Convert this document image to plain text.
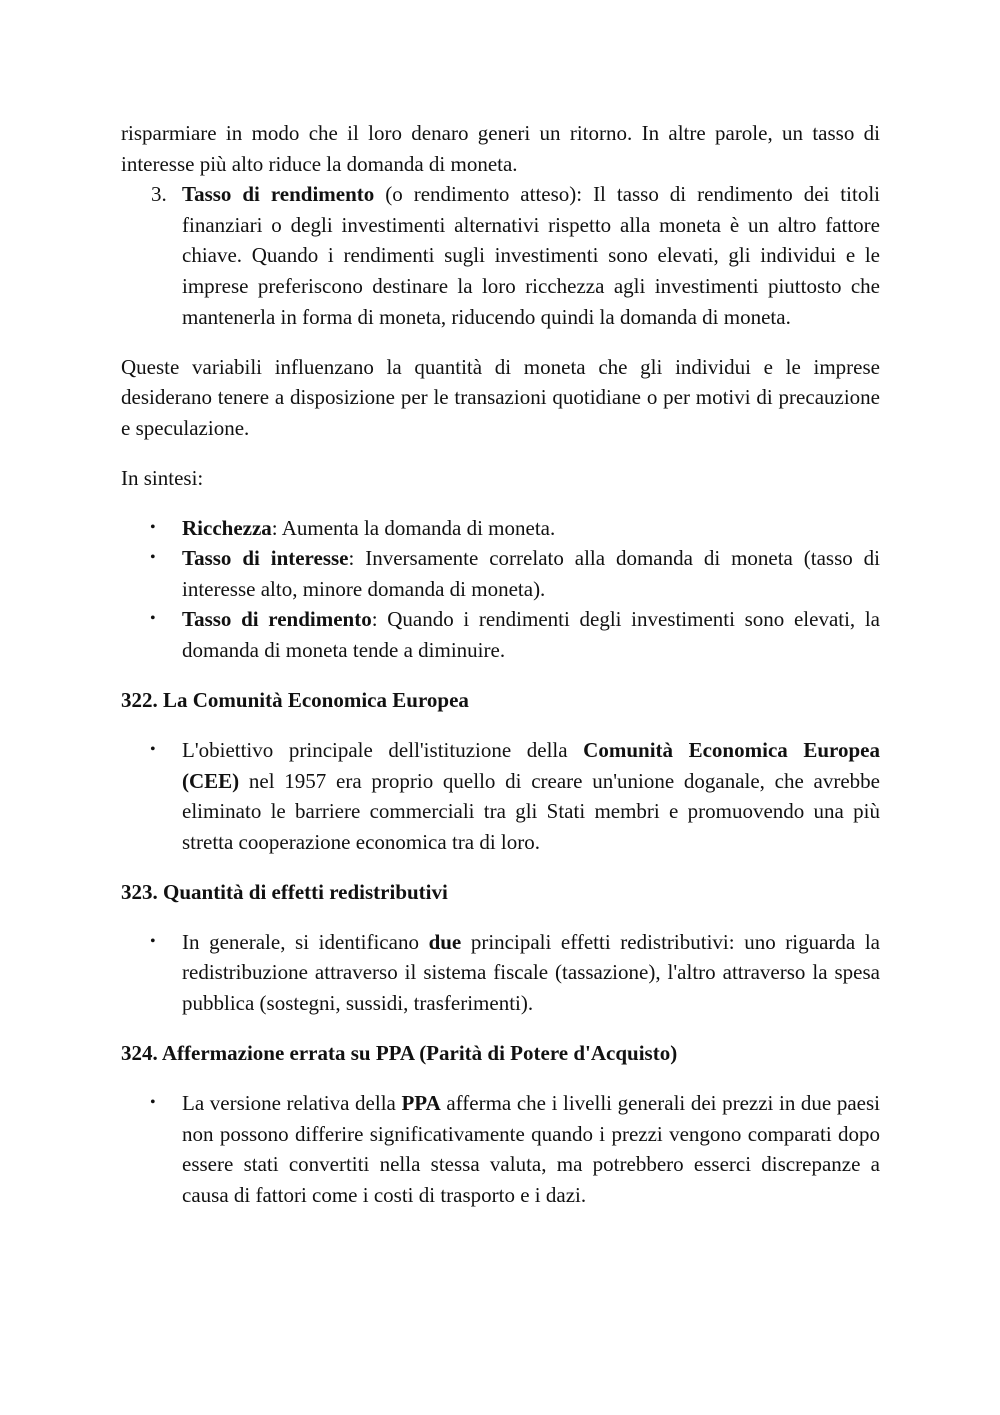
risparmiare in modo che il loro denaro generi un ritorno. In altre parole, un tasso di interesse più alto riduce la domanda di moneta.

3. Tasso di rendimento (o rendimento atteso): Il tasso di rendimento dei titoli finanziari o degli investimenti alternativi rispetto alla moneta è un altro fattore chiave. Quando i rendimenti sugli investimenti sono elevati, gli individui e le imprese preferiscono destinare la loro ricchezza agli investimenti piuttosto che mantenerla in forma di moneta, riducendo quindi la domanda di moneta.

Queste variabili influenzano la quantità di moneta che gli individui e le imprese desiderano tenere a disposizione per le transazioni quotidiane o per motivi di precauzione e speculazione.

In sintesi:

•	Ricchezza: Aumenta la domanda di moneta.
•	Tasso di interesse: Inversamente correlato alla domanda di moneta (tasso di interesse alto, minore domanda di moneta).
•	Tasso di rendimento: Quando i rendimenti degli investimenti sono elevati, la domanda di moneta tende a diminuire.

322. La Comunità Economica Europea

•	L'obiettivo principale dell'istituzione della Comunità Economica Europea (CEE) nel 1957 era proprio quello di creare un'unione doganale, che avrebbe eliminato le barriere commerciali tra gli Stati membri e promuovendo una più stretta cooperazione economica tra di loro.

323. Quantità di effetti redistributivi

•	In generale, si identificano due principali effetti redistributivi: uno riguarda la redistribuzione attraverso il sistema fiscale (tassazione), l'altro attraverso la spesa pubblica (sostegni, sussidi, trasferimenti).

324. Affermazione errata su PPA (Parità di Potere d'Acquisto)

•	La versione relativa della PPA afferma che i livelli generali dei prezzi in due paesi non possono differire significativamente quando i prezzi vengono comparati dopo essere stati convertiti nella stessa valuta, ma potrebbero esserci discrepanze a causa di fattori come i costi di trasporto e i dazi.
